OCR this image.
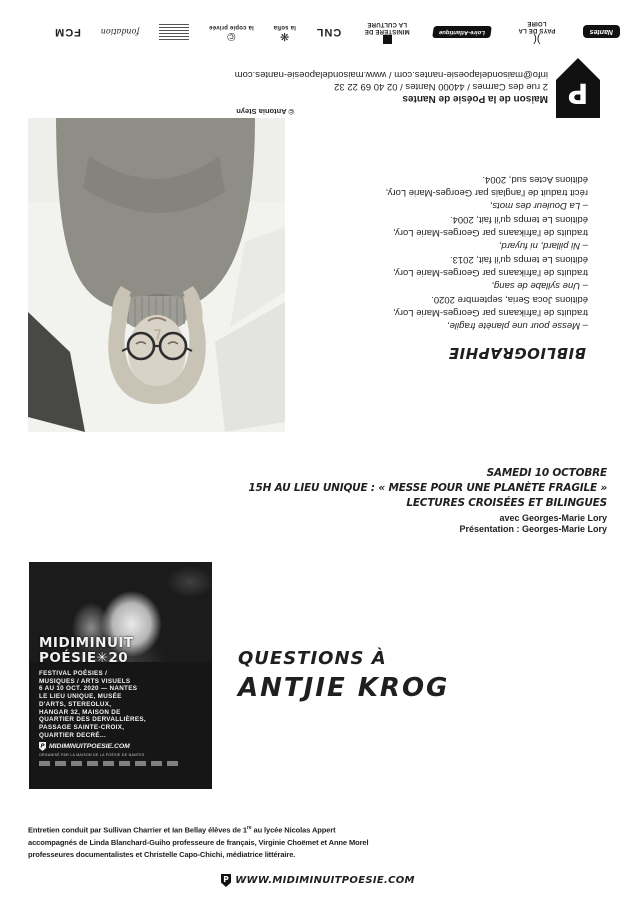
BIBLIOGRAPHIE
– Messe pour une planète fragile,
traduits de l'afrikaans par Georges-Marie Lory,
éditions Joca Seria, septembre 2020.
– Une syllabe de sang,
traduits de l'afrikaans par Georges-Marie Lory,
éditions Le temps qu'il fait, 2013.
– Ni pillard, ni fuyard,
traduits de l'afrikaans par Georges-Marie Lory,
éditions Le temps qu'il fait, 2004.
– La Douleur des mots,
récit traduit de l'anglais par Georges-Marie Lory,
éditions Actes sud, 2004.
© Antonia Steyn
P
Maison de la Poésie de Nantes
2 rue des Carmes / 44000 Nantes / 02 40 69 22 32
info@maisondelapoesie-nantes.com / www.maisondelapoesie-nantes.com
Nantes
)(
PAYS DE LA LOIRE
Loire-Atlantique
MINISTÈRE DE LA CULTURE
CNL
❋
la sofia
©
la copie privée
fondation
FCM
SAMEDI 10 OCTOBRE
15H AU LIEU UNIQUE : « MESSE POUR UNE PLANÈTE FRAGILE »
LECTURES CROISÉES ET BILINGUES
avec Georges-Marie Lory
Présentation : Georges-Marie Lory
MIDIMINUIT
POÉSIE✳20
FESTIVAL POÉSIES /
MUSIQUES / ARTS VISUELS
6 AU 10 OCT. 2020 — NANTES
LE LIEU UNIQUE, MUSÉE
D'ARTS, STEREOLUX,
HANGAR 32, MAISON DE
QUARTIER DES DERVALLIÈRES,
PASSAGE SAINTE-CROIX,
QUARTIER DECRÉ...
P MIDIMINUITPOESIE.COM
ORGANISÉ PAR LA MAISON DE LA POÉSIE DE NANTES
QUESTIONS À
ANTJIE KROG
Entretien conduit par Sullivan Charrier et Ian Bellay élèves de 1re au lycée Nicolas Appert
accompagnés de Linda Blanchard-Guiho professeure de français, Virginie Choëmet et Anne Morel
professeures documentalistes et Christelle Capo-Chichi, médiatrice littéraire.
P WWW.MIDIMINUITPOESIE.COM
